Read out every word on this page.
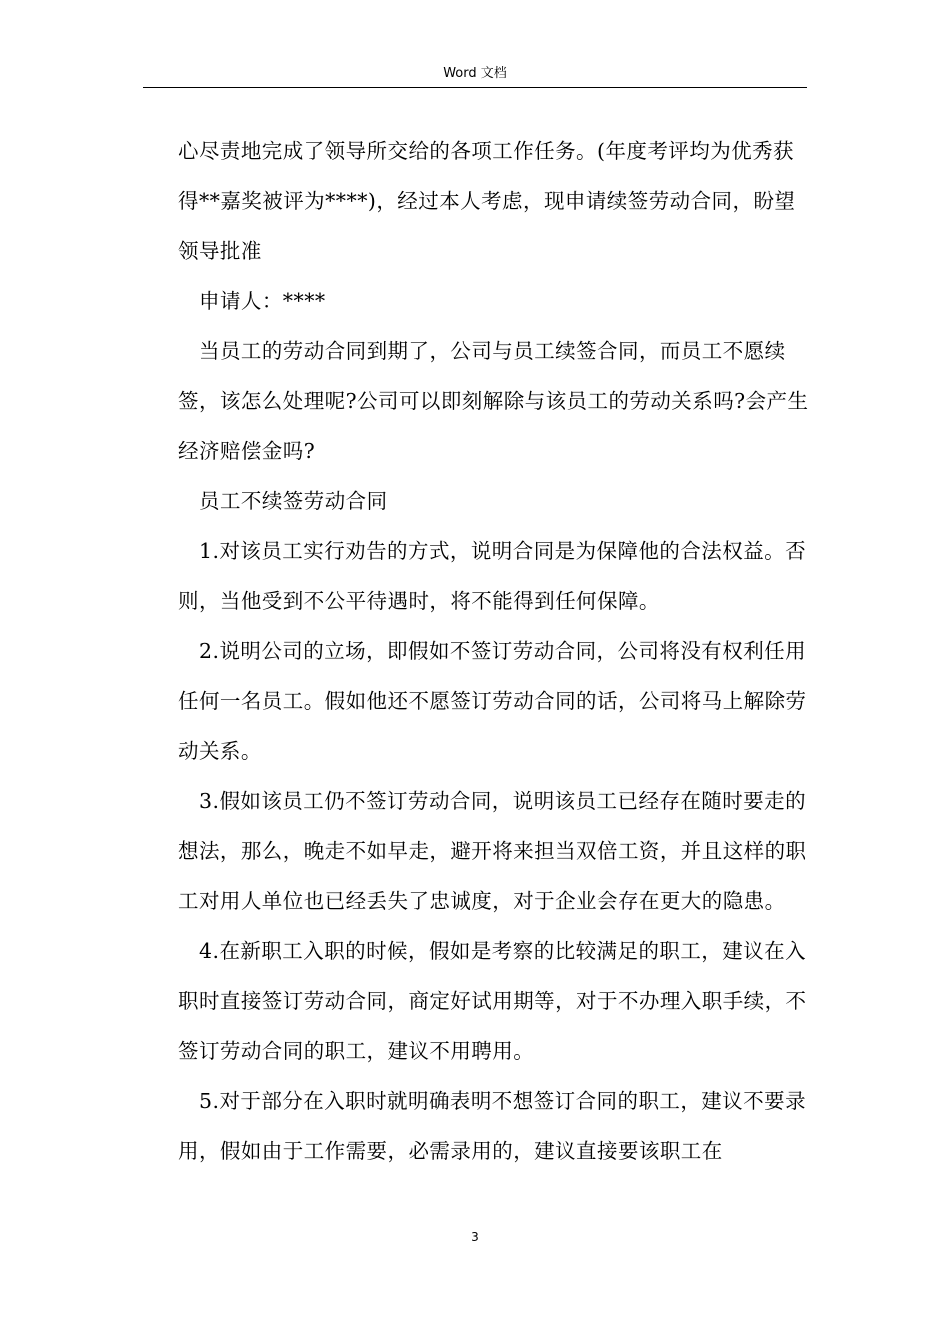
Word 文档

心尽责地完成了领导所交给的各项工作任务。(年度考评均为优秀获得**嘉奖被评为****)，经过本人考虑，现申请续签劳动合同，盼望领导批准

申请人：****

当员工的劳动合同到期了，公司与员工续签合同，而员工不愿续签，该怎么处理呢?公司可以即刻解除与该员工的劳动关系吗?会产生经济赔偿金吗?

员工不续签劳动合同

1.对该员工实行劝告的方式，说明合同是为保障他的合法权益。否则，当他受到不公平待遇时，将不能得到任何保障。

2.说明公司的立场，即假如不签订劳动合同，公司将没有权利任用任何一名员工。假如他还不愿签订劳动合同的话，公司将马上解除劳动关系。

3.假如该员工仍不签订劳动合同，说明该员工已经存在随时要走的想法，那么，晚走不如早走，避开将来担当双倍工资，并且这样的职工对用人单位也已经丢失了忠诚度，对于企业会存在更大的隐患。

4.在新职工入职的时候，假如是考察的比较满足的职工，建议在入职时直接签订劳动合同，商定好试用期等，对于不办理入职手续，不签订劳动合同的职工，建议不用聘用。

5.对于部分在入职时就明确表明不想签订合同的职工，建议不要录用，假如由于工作需要，必需录用的，建议直接要该职工在

3
